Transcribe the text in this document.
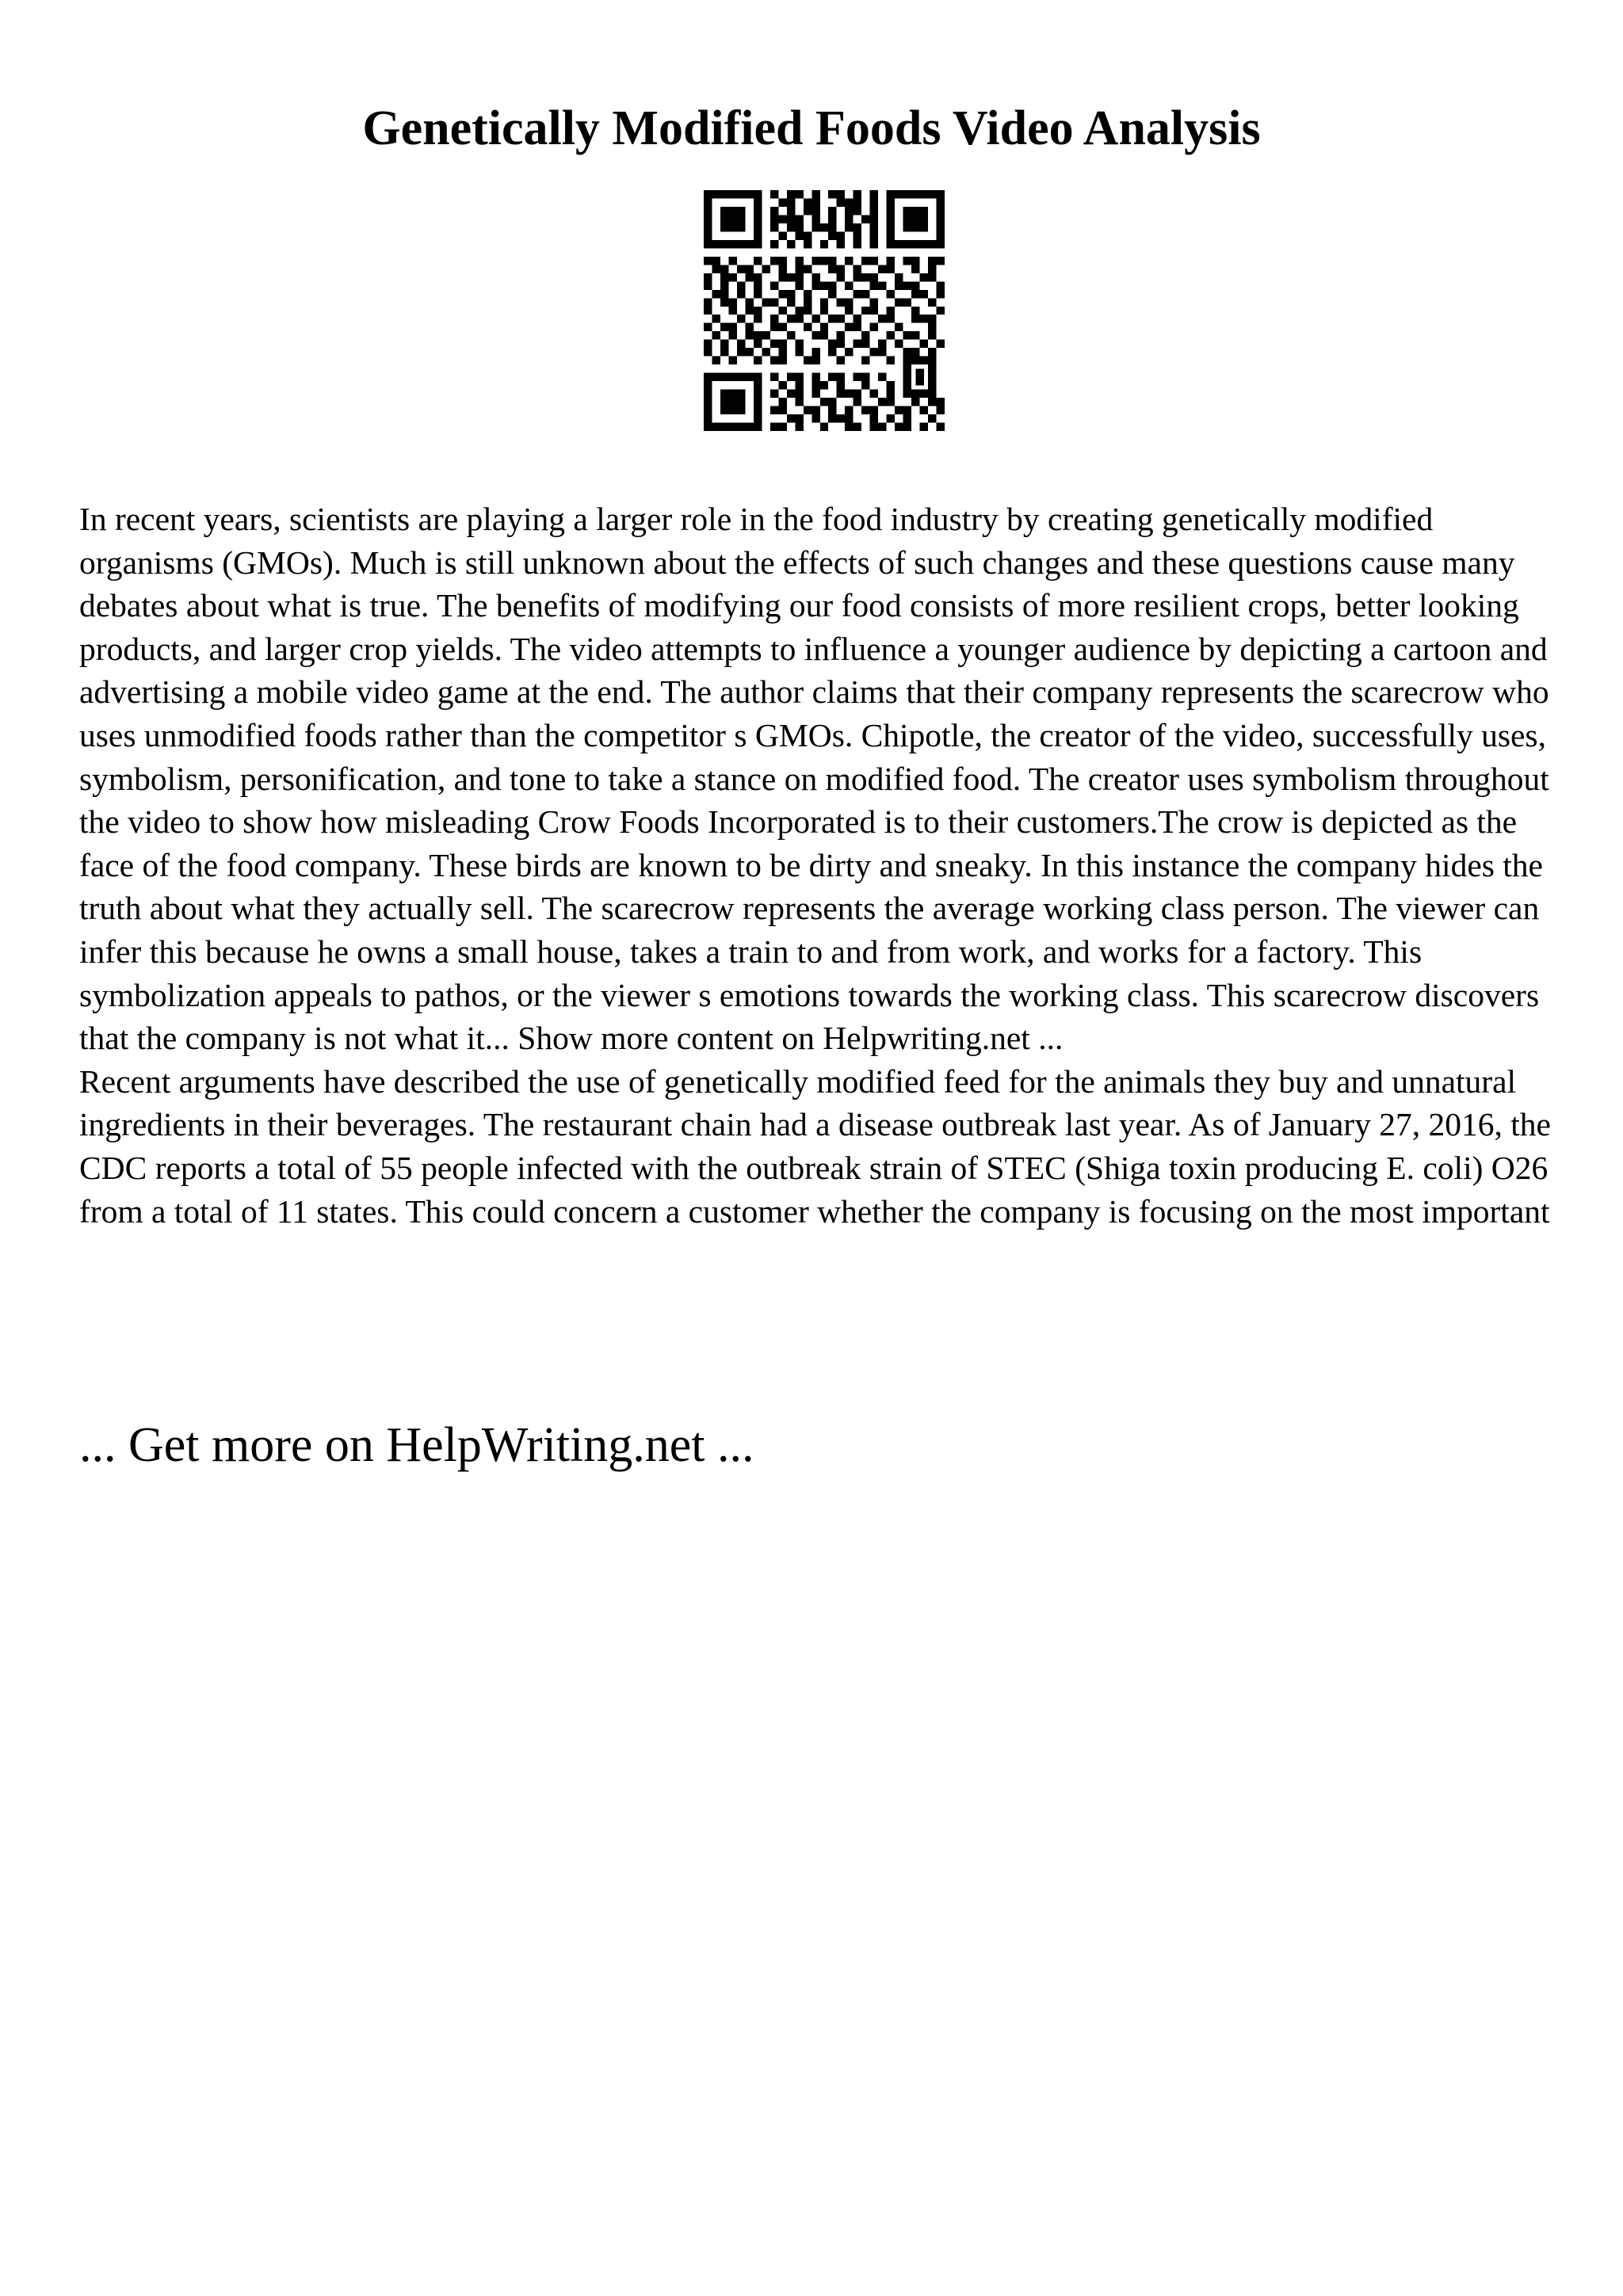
Genetically Modified Foods Video Analysis

In recent years, scientists are playing a larger role in the food industry by creating genetically modified organisms (GMOs). Much is still unknown about the effects of such changes and these questions cause many debates about what is true. The benefits of modifying our food consists of more resilient crops, better looking products, and larger crop yields. The video attempts to influence a younger audience by depicting a cartoon and advertising a mobile video game at the end. The author claims that their company represents the scarecrow who uses unmodified foods rather than the competitor s GMOs. Chipotle, the creator of the video, successfully uses, symbolism, personification, and tone to take a stance on modified food. The creator uses symbolism throughout the video to show how misleading Crow Foods Incorporated is to their customers.The crow is depicted as the face of the food company. These birds are known to be dirty and sneaky. In this instance the company hides the truth about what they actually sell. The scarecrow represents the average working class person. The viewer can infer this because he owns a small house, takes a train to and from work, and works for a factory. This symbolization appeals to pathos, or the viewer s emotions towards the working class. This scarecrow discovers that the company is not what it... Show more content on Helpwriting.net ...

Recent arguments have described the use of genetically modified feed for the animals they buy and unnatural ingredients in their beverages. The restaurant chain had a disease outbreak last year. As of January 27, 2016, the CDC reports a total of 55 people infected with the outbreak strain of STEC (Shiga toxin producing E. coli) O26 from a total of 11 states. This could concern a customer whether the company is focusing on the most important

... Get more on HelpWriting.net ...
